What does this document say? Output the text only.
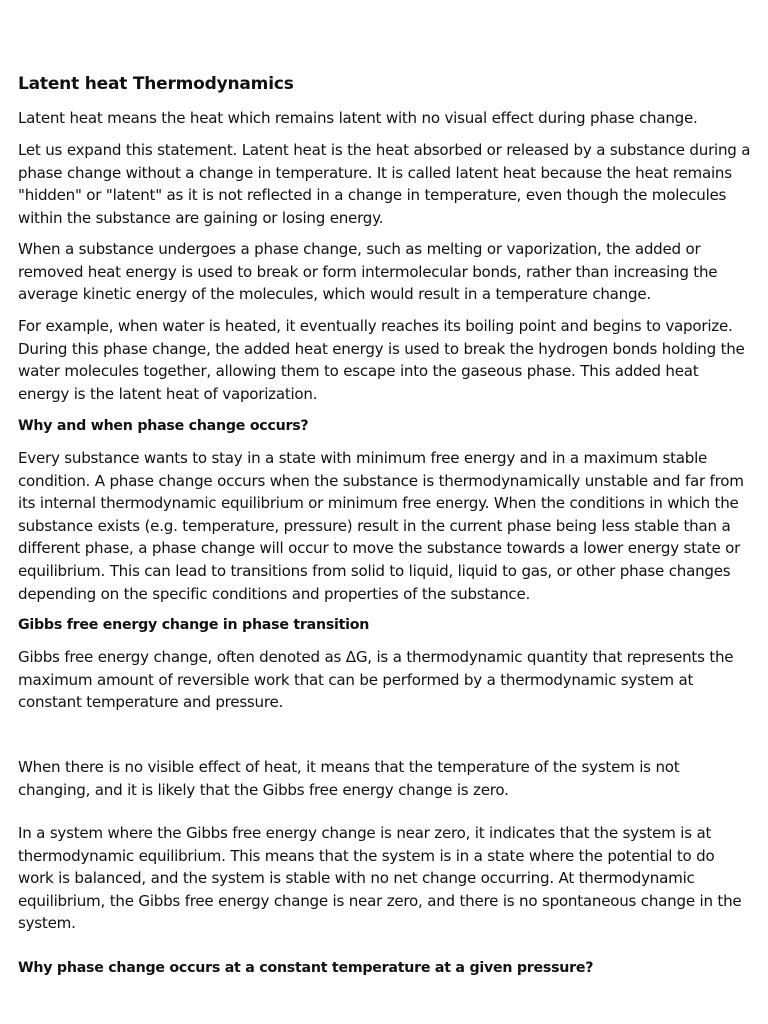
Latent heat Thermodynamics

Latent heat means the heat which remains latent with no visual effect during phase change.

Let us expand this statement. Latent heat is the heat absorbed or released by a substance during a phase change without a change in temperature. It is called latent heat because the heat remains "hidden" or "latent" as it is not reflected in a change in temperature, even though the molecules within the substance are gaining or losing energy.

When a substance undergoes a phase change, such as melting or vaporization, the added or removed heat energy is used to break or form intermolecular bonds, rather than increasing the average kinetic energy of the molecules, which would result in a temperature change.

For example, when water is heated, it eventually reaches its boiling point and begins to vaporize. During this phase change, the added heat energy is used to break the hydrogen bonds holding the water molecules together, allowing them to escape into the gaseous phase. This added heat energy is the latent heat of vaporization.

Why and when phase change occurs?

Every substance wants to stay in a state with minimum free energy and in a maximum stable condition. A phase change occurs when the substance is thermodynamically unstable and far from its internal thermodynamic equilibrium or minimum free energy. When the conditions in which the substance exists (e.g. temperature, pressure) result in the current phase being less stable than a different phase, a phase change will occur to move the substance towards a lower energy state or equilibrium. This can lead to transitions from solid to liquid, liquid to gas, or other phase changes depending on the specific conditions and properties of the substance.

Gibbs free energy change in phase transition

Gibbs free energy change, often denoted as ΔG, is a thermodynamic quantity that represents the maximum amount of reversible work that can be performed by a thermodynamic system at constant temperature and pressure.

When there is no visible effect of heat, it means that the temperature of the system is not changing, and it is likely that the Gibbs free energy change is zero.

In a system where the Gibbs free energy change is near zero, it indicates that the system is at thermodynamic equilibrium. This means that the system is in a state where the potential to do work is balanced, and the system is stable with no net change occurring. At thermodynamic equilibrium, the Gibbs free energy change is near zero, and there is no spontaneous change in the system.

Why phase change occurs at a constant temperature at a given pressure?
